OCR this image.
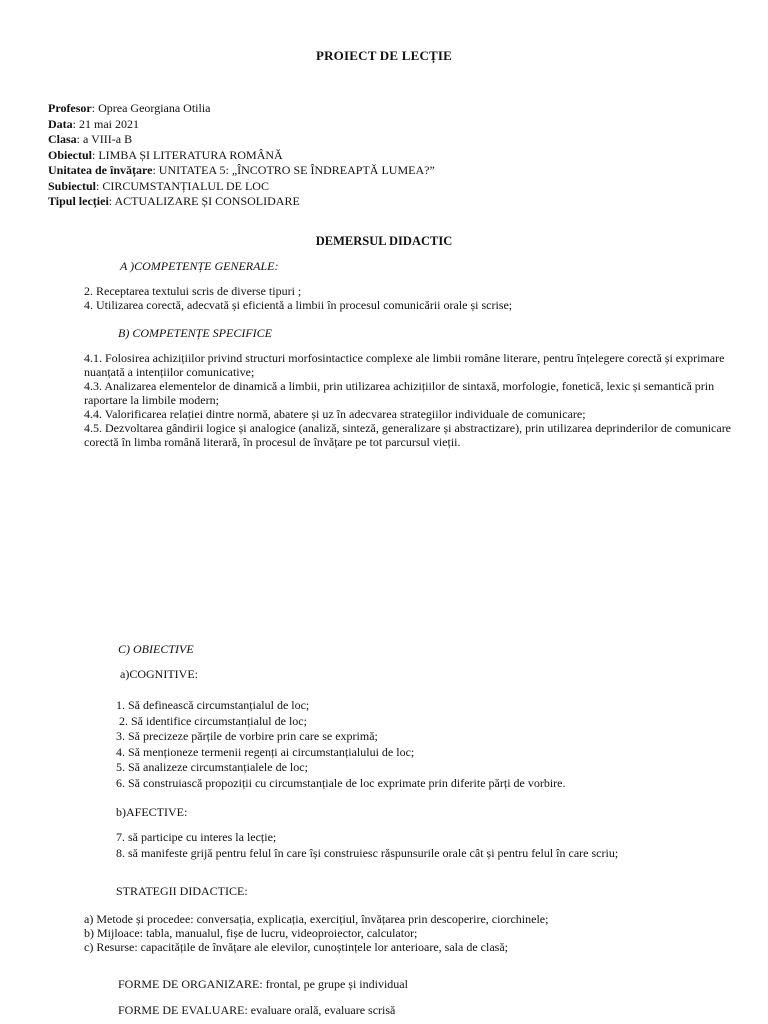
PROIECT DE LECȚIE
Profesor: Oprea Georgiana Otilia
Data: 21 mai 2021
Clasa: a VIII-a B
Obiectul: LIMBA ȘI LITERATURA ROMÂNĂ
Unitatea de învățare: UNITATEA 5: „ÎNCOTRO SE ÎNDREAPTĂ LUMEA?”
Subiectul: CIRCUMSTANȚIALUL DE LOC
Tipul lecției: ACTUALIZARE ȘI CONSOLIDARE
DEMERSUL DIDACTIC
A )COMPETENȚE GENERALE:
2. Receptarea textului scris de diverse tipuri ;
4. Utilizarea corectă, adecvată și eficientă a limbii în procesul comunicării orale și scrise;
B) COMPETENȚE SPECIFICE
4.1. Folosirea achizițiilor privind structuri morfosintactice complexe ale limbii române literare, pentru înțelegere corectă și exprimare
nuanțată a intențiilor comunicative;
4.3. Analizarea elementelor de dinamică a limbii, prin utilizarea achizițiilor de sintaxă, morfologie, fonetică, lexic și semantică prin
raportare la limbile modern;
4.4. Valorificarea relației dintre normă, abatere și uz în adecvarea strategiilor individuale de comunicare;
4.5. Dezvoltarea gândirii logice și analogice (analiză, sinteză, generalizare și abstractizare), prin utilizarea deprinderilor de comunicare
corectă în limba română literară, în procesul de învățare pe tot parcursul vieții.
C) OBIECTIVE
a)COGNITIVE:
1. Să definească circumstanțialul de loc;
2. Să identifice circumstanțialul de loc;
3. Să precizeze părțile de vorbire prin care se exprimă;
4. Să menționeze termenii regenți ai circumstanțialului de loc;
5. Să analizeze circumstanțialele de loc;
6. Să construiască propoziții cu circumstanțiale de loc exprimate prin diferite părți de vorbire.
b)AFECTIVE:
7. să participe cu interes la lecție;
8. să manifeste grijă pentru felul în care își construiesc răspunsurile orale cât și pentru felul în care scriu;
STRATEGII DIDACTICE:
a) Metode și procedee: conversația, explicația, exercițiul, învățarea prin descoperire, ciorchinele;
b) Mijloace: tabla, manualul, fișe de lucru, videoproiector, calculator;
c) Resurse: capacitățile de învățare ale elevilor, cunoștințele lor anterioare, sala de clasă;
FORME DE ORGANIZARE: frontal, pe grupe și individual
FORME DE EVALUARE: evaluare orală, evaluare scrisă
